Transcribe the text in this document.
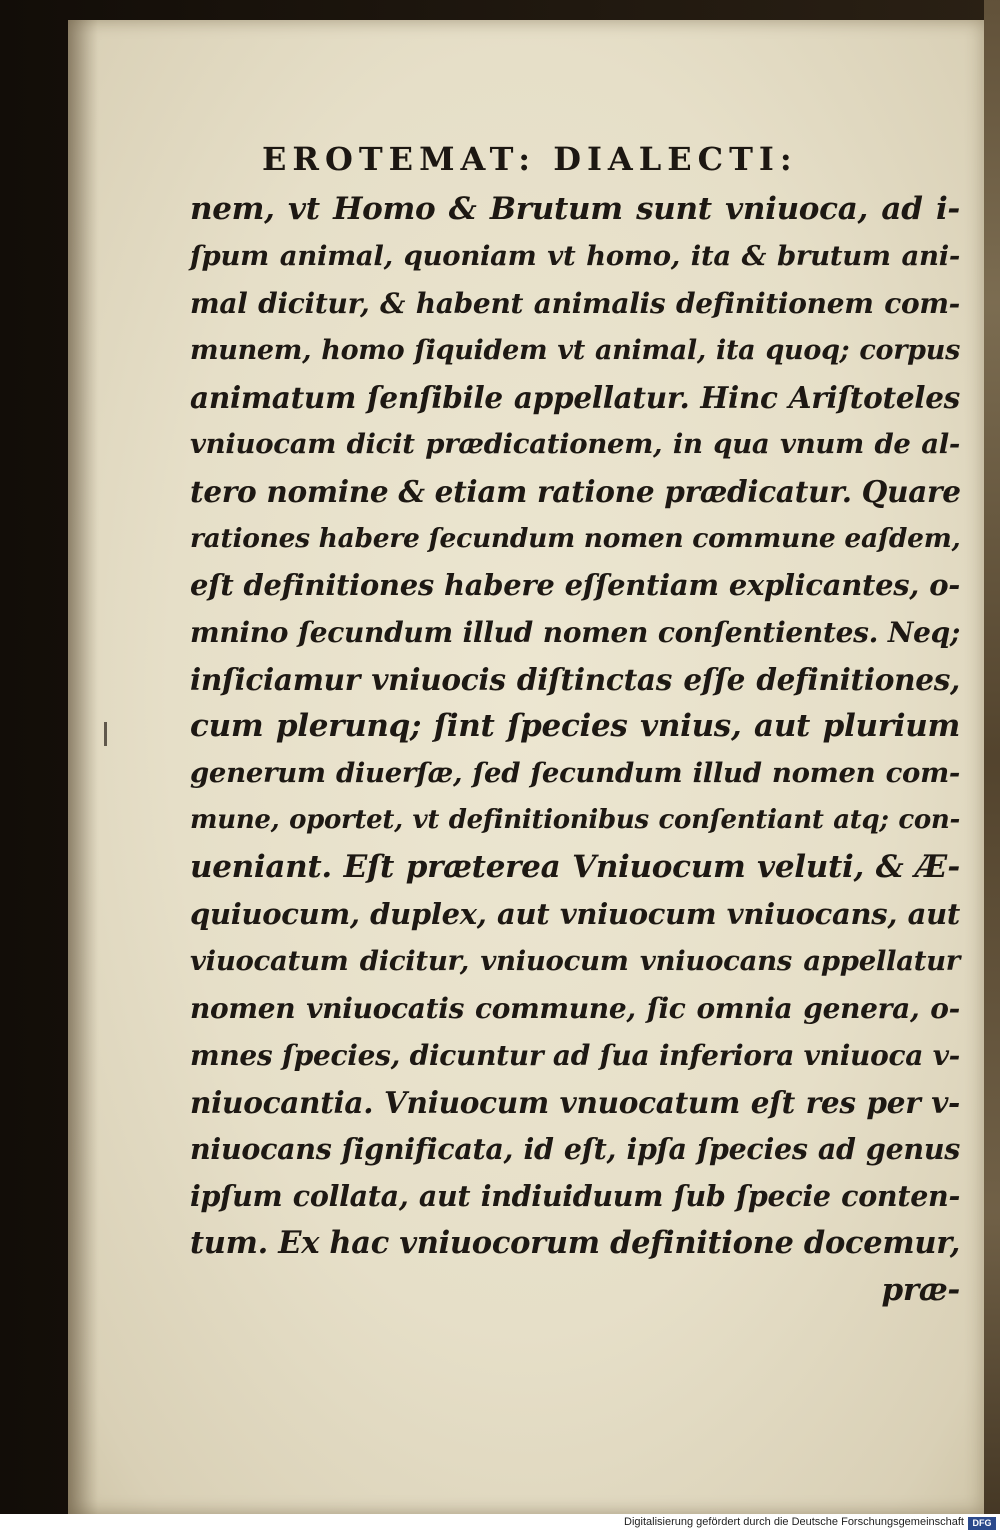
EROTEMAT: DIALECTI:
nem, vt Homo & Brutum sunt vniuoca, ad i-
ſpum animal, quoniam vt homo, ita & brutum ani-
mal dicitur, & habent animalis definitionem com-
munem, homo ſiquidem vt animal, ita quoq; corpus
animatum ſenſibile appellatur. Hinc Ariſtoteles
vniuocam dicit prædicationem, in qua vnum de al-
tero nomine & etiam ratione prædicatur. Quare
rationes habere ſecundum nomen commune eaſdem,
eſt definitiones habere eſſentiam explicantes, o-
mnino ſecundum illud nomen conſentientes. Neq;
inſiciamur vniuocis diſtinctas eſſe definitiones,
cum plerunq; ſint ſpecies vnius, aut plurium
generum diuerſæ, ſed ſecundum illud nomen com-
mune, oportet, vt definitionibus conſentiant atq; con-
ueniant. Eſt præterea Vniuocum veluti, & Æ-
quiuocum, duplex, aut vniuocum vniuocans, aut
viuocatum dicitur, vniuocum vniuocans appellatur
nomen vniuocatis commune, ſic omnia genera, o-
mnes ſpecies, dicuntur ad ſua inferiora vniuoca v-
niuocantia. Vniuocum vnuocatum eſt res per v-
niuocans ſignificata, id eſt, ipſa ſpecies ad genus
ipſum collata, aut indiuiduum ſub ſpecie conten-
tum. Ex hac vniuocorum definitione docemur,
præ-
Digitalisierung gefördert durch die Deutsche Forschungsgemeinschaft DFG
